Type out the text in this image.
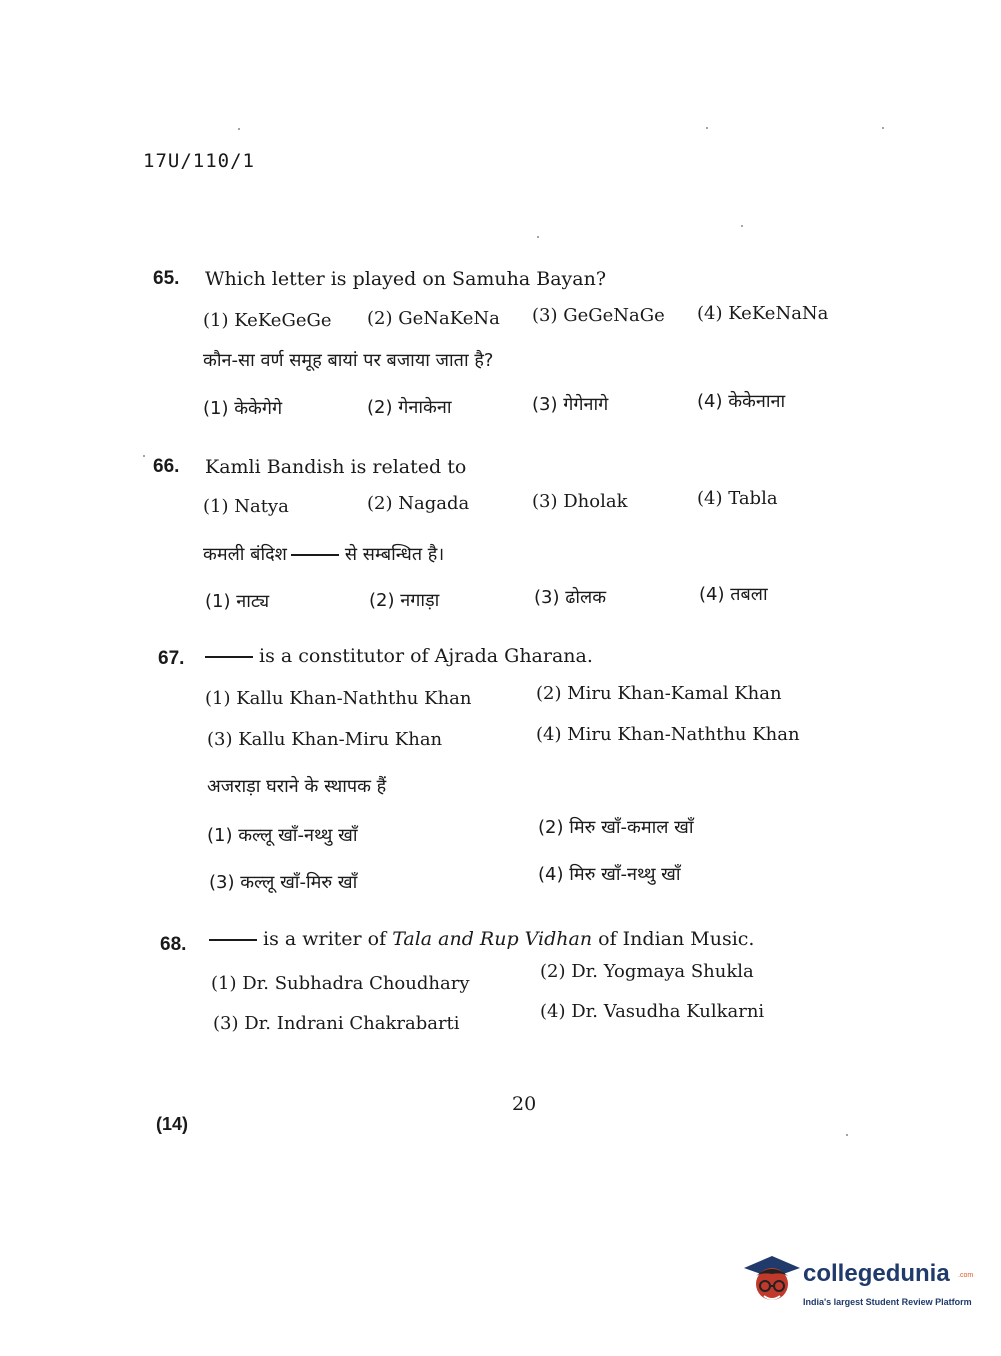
17U/110/1
65. Which letter is played on Samuha Bayan?
(1) KeKeGeGe (2) GeNaKeNa (3) GeGeNaGe (4) KeKeNaNa
कौन-सा वर्ण समूह बायां पर बजाया जाता है?
(1) केकेगेगे	(2) गेनाकेना	(3) गेगेनागे	(4) केकेनाना
66. Kamli Bandish is related to
(1) Natya	(2) Nagada	(3) Dholak	(4) Tabla
कमली बंदिश	से सम्बन्धित है।
(1) नाट्य	(2) नगाड़ा	(3) ढोलक	(4) तबला
67.	is a constitutor of Ajrada Gharana.
(1) Kallu Khan-Naththu Khan	(2) Miru Khan-Kamal Khan
(3) Kallu Khan-Miru Khan	(4) Miru Khan-Naththu Khan
अजराड़ा घराने के स्थापक हैं
(1) कल्लू खाँ-नथ्थु खाँ	(2) मिरु खाँ-कमाल खाँ
(3) कल्लू खाँ-मिरु खाँ	(4) मिरु खाँ-नथ्थु खाँ
68.	is a writer of Tala and Rup Vidhan of Indian Music.
(1) Dr. Subhadra Choudhary
(2) Dr. Yogmaya Shukla
(3) Dr. Indrani Chakrabarti
(4) Dr. Vasudha Kulkarni
20
(14)
collegedunia .com
India's largest Student Review Platform
